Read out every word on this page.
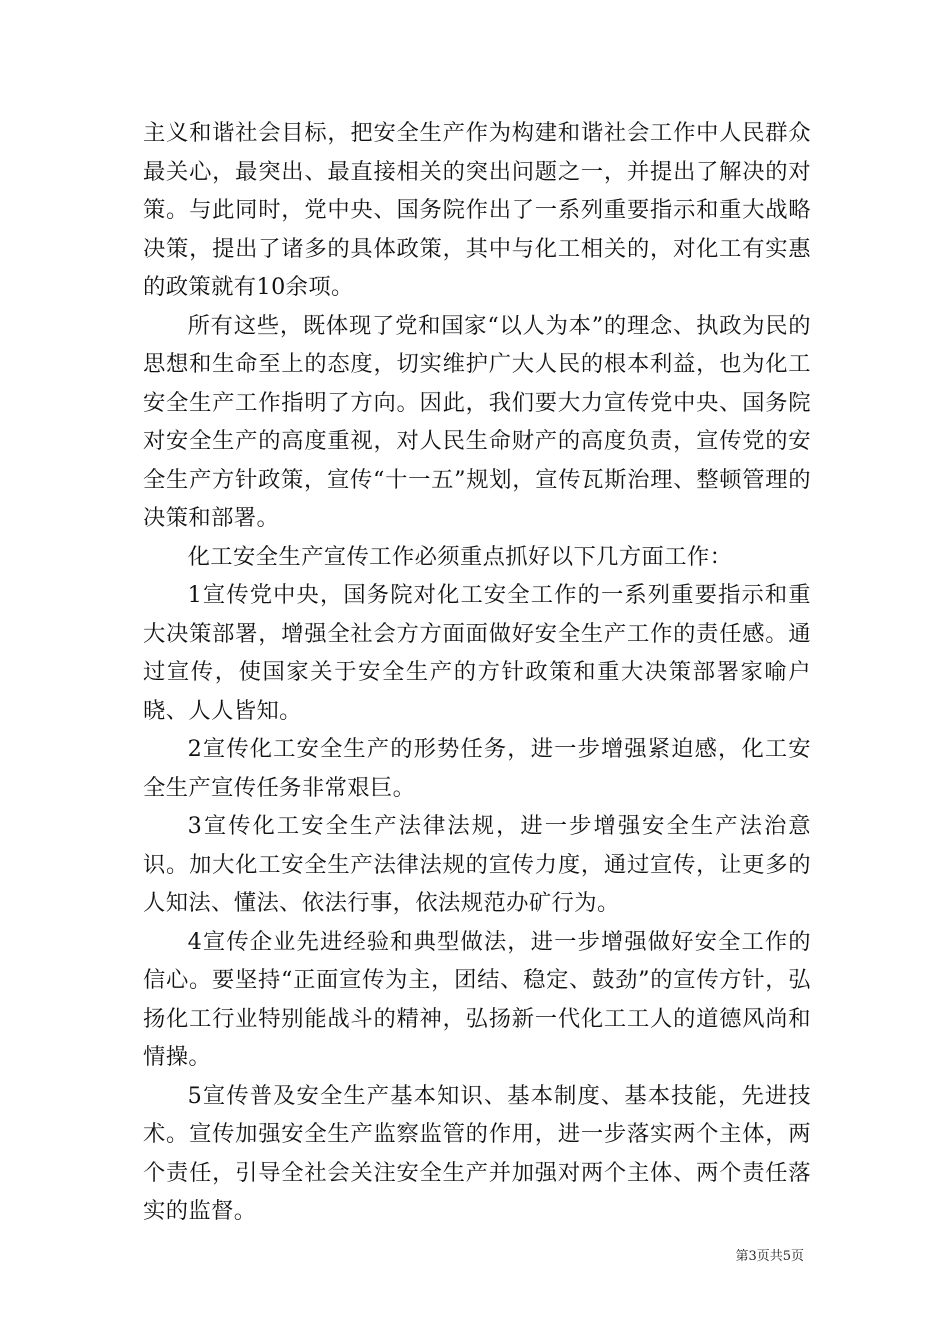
主义和谐社会目标，把安全生产作为构建和谐社会工作中人民群众最关心，最突出、最直接相关的突出问题之一，并提出了解决的对策。与此同时，党中央、国务院作出了一系列重要指示和重大战略决策，提出了诸多的具体政策，其中与化工相关的，对化工有实惠的政策就有10余项。

所有这些，既体现了党和国家“以人为本”的理念、执政为民的思想和生命至上的态度，切实维护广大人民的根本利益，也为化工安全生产工作指明了方向。因此，我们要大力宣传党中央、国务院对安全生产的高度重视，对人民生命财产的高度负责，宣传党的安全生产方针政策，宣传“十一五”规划，宣传瓦斯治理、整顿管理的决策和部署。

化工安全生产宣传工作必须重点抓好以下几方面工作：

1宣传党中央，国务院对化工安全工作的一系列重要指示和重大决策部署，增强全社会方方面面做好安全生产工作的责任感。通过宣传，使国家关于安全生产的方针政策和重大决策部署家喻户晓、人人皆知。

2宣传化工安全生产的形势任务，进一步增强紧迫感，化工安全生产宣传任务非常艰巨。

3宣传化工安全生产法律法规，进一步增强安全生产法治意识。加大化工安全生产法律法规的宣传力度，通过宣传，让更多的人知法、懂法、依法行事，依法规范办矿行为。

4宣传企业先进经验和典型做法，进一步增强做好安全工作的信心。要坚持“正面宣传为主，团结、稳定、鼓劲”的宣传方针，弘扬化工行业特别能战斗的精神，弘扬新一代化工工人的道德风尚和情操。

5宣传普及安全生产基本知识、基本制度、基本技能，先进技术。宣传加强安全生产监察监管的作用，进一步落实两个主体，两个责任，引导全社会关注安全生产并加强对两个主体、两个责任落实的监督。

第3页共5页
